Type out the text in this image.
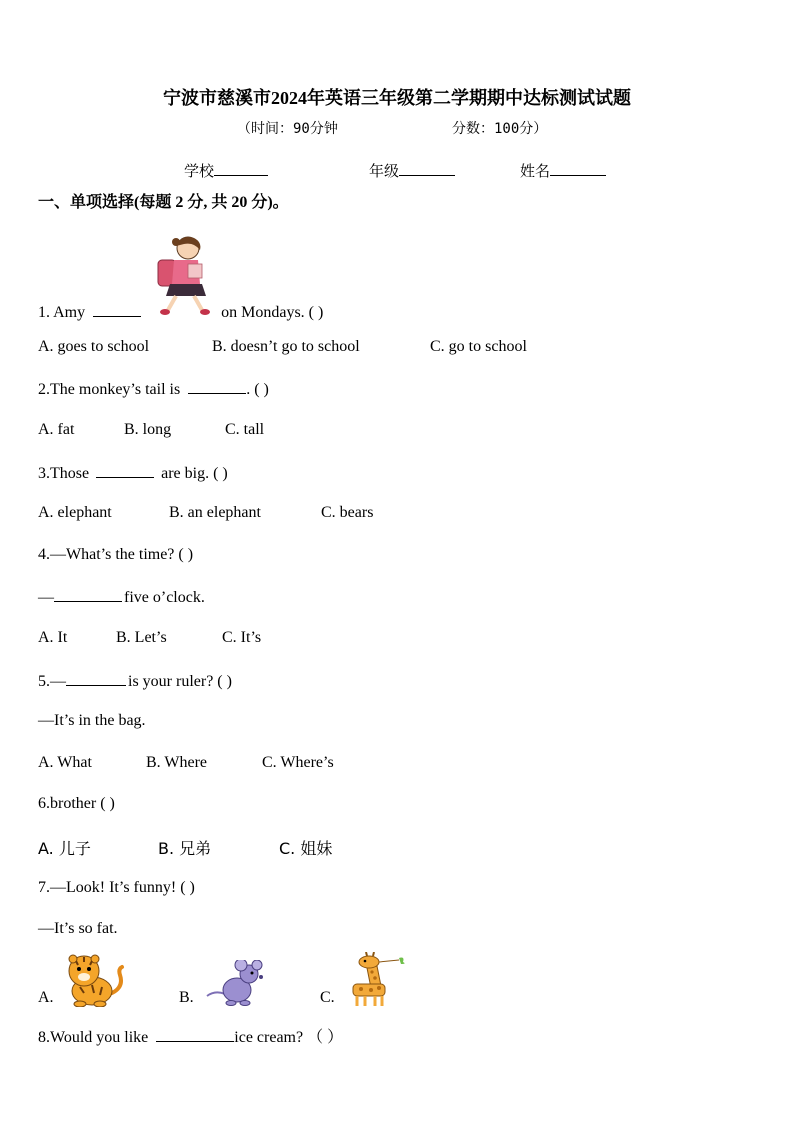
宁波市慈溪市2024年英语三年级第二学期期中达标测试试题
（时间：90分钟	分数：100分）
学校	年级	姓名
一、单项选择(每题 2 分, 共 20 分)。
1. Amy	on Mondays. ( )
A. goes to school	B. doesn’t go to school	C. go to school
2.The monkey’s tail is	. ( )
A. fat	B. long	C. tall
3.Those	are big. ( )
A. elephant	B. an elephant	C. bears
4.—What’s the time? ( )
—	five o’clock.
A. It	B. Let’s	C. It’s
5.—	is your ruler? ( )
—It’s in the bag.
A. What	B. Where	C. Where’s
6.brother ( )
A. 儿子	B. 兄弟	C. 姐妹
7.—Look! It’s funny! ( )
—It’s so fat.
A.	B.	C.
8.Would you like	ice cream? （ ）
